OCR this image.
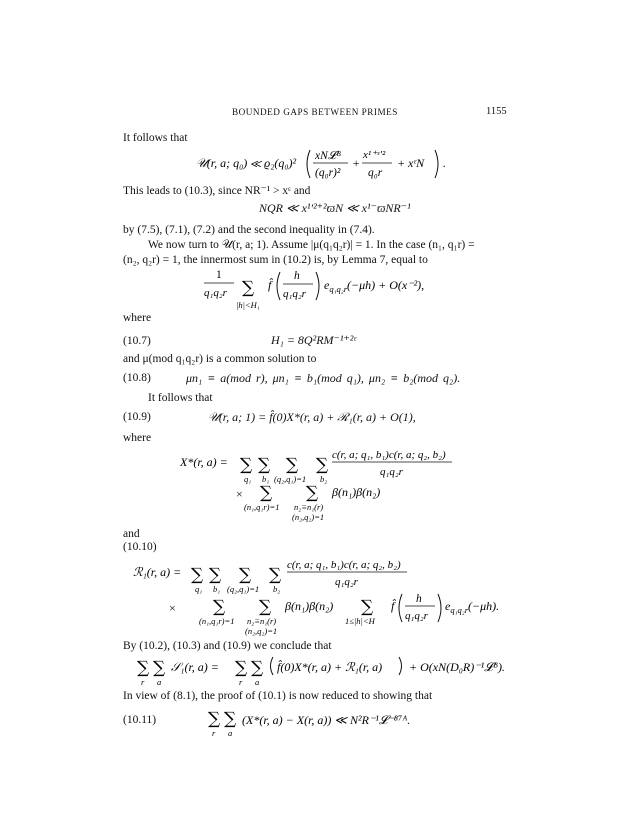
BOUNDED GAPS BETWEEN PRIMES	1155
It follows that
𝒰(r, a; q₀) ≪ ϱ₂(q₀)² xN𝓛ᴮ
(q₀r)²
+
x¹⁺ᵋ′²
q₀r
+ xᵋN .
This leads to (10.3), since NR⁻¹ > xᵋ and
NQR ≪ x¹′²⁺²ϖN ≪ x¹⁻ϖNR⁻¹
by (7.5), (7.1), (7.2) and the second inequality in (7.4).
We now turn to 𝒰(r, a; 1). Assume |μ(q₁q₂r)| = 1. In the case (n₁, q₁r) =
(n₂, q₂r) = 1, the innermost sum in (10.2) is, by Lemma 7, equal to
1
q₁q₂r ∑
|h|<H₁
f̂
h
q₁q₂r
$e_{q_1q_2r}(-\mu h) + O(x^{-2})$,
where
(10.7)	H₁ = 8Q²RM⁻¹⁺²ᵋ
and μ(mod q₁q₂r) is a common solution to
(10.8)	μn₁ ≡ a(mod r), μn₁ ≡ b₁(mod q₁), μn₂ ≡ b₂(mod q₂).
It follows that
(10.9)	𝒰(r, a; 1) = f̂(0)X*(r, a) + ℛ₁(r, a) + O(1),
where
X*(r, a) = ∑
q₁
∑
b₁
∑
(q₂,q₁)=1
∑
b₂
c(r, a; q₁, b₁)c(r, a; q₂, b₂)
q₁q₂r
× ∑
(n₁,q₁r)=1
∑
n₂≡n₁(r)
(n₂,q₂)=1
β(n₁)β(n₂)
and
(10.10)
ℛ₁(r, a) = ∑
q₁
∑
b₁
∑
(q₂,q₁)=1
∑
b₂
c(r, a; q₁, b₁)c(r, a; q₂, b₂)
q₁q₂r
× ∑
(n₁,q₁r)=1
∑
n₂≡n₁(r)
(n₂,q₂)=1
β(n₁)β(n₂) ∑
1≤|h|<H
f̂ h
q₁q₂r
$e_{q_1q_2r}(-\mu h)$.
By (10.2), (10.3) and (10.9) we conclude that
∑
r
∑
a
𝒮₁(r, a) = ∑
r
∑
a
f̂(0)X*(r, a) + ℛ₁(r, a) + O(xN(D₀R)⁻¹𝓛ᴮ).
In view of (8.1), the proof of (10.1) is now reduced to showing that
(10.11)	∑
r
∑
a
(X*(r, a) − X(r, a)) ≪ N²R⁻¹𝓛⁻⁸⁷ᴬ.
